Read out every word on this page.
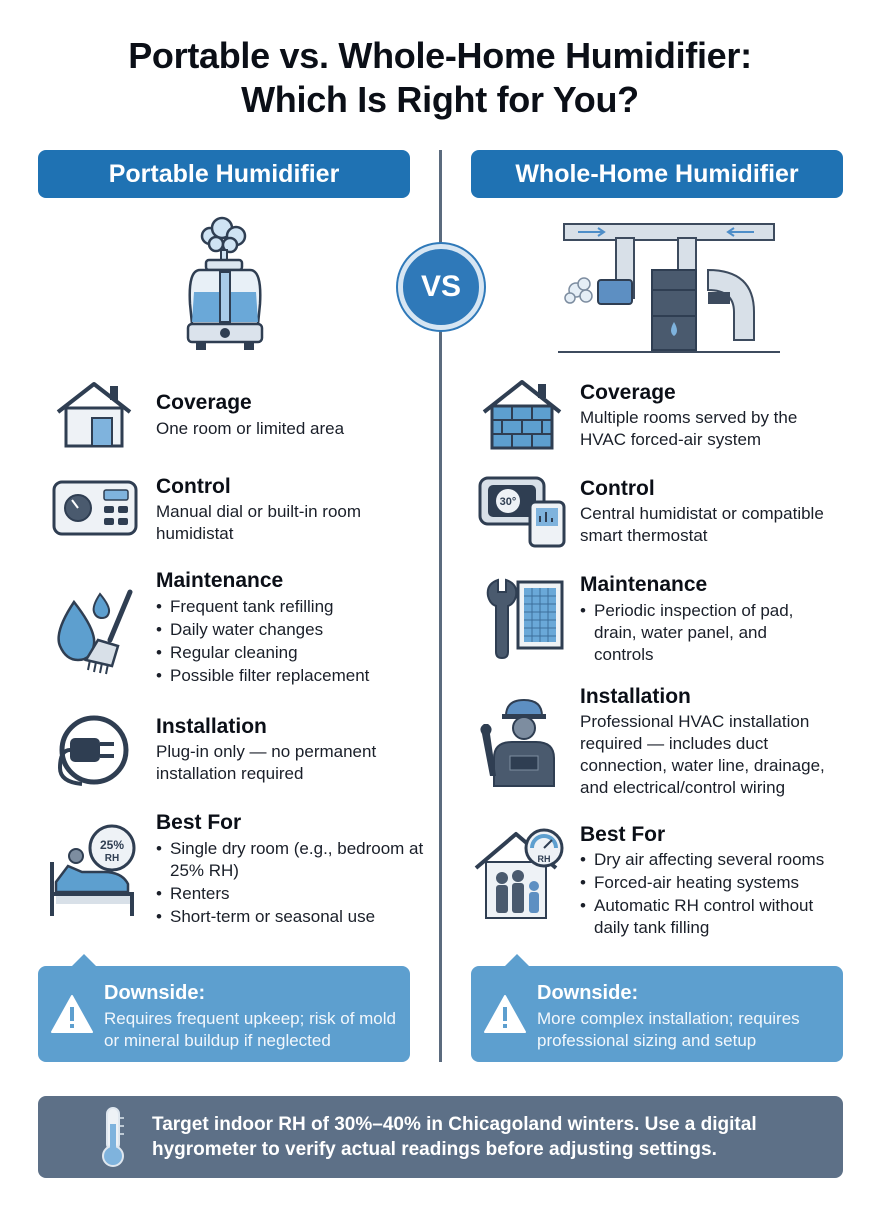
Portable vs. Whole-Home Humidifier:
Which Is Right for You?
Portable Humidifier	Whole-Home Humidifier
VS
Coverage
One room or limited area
Control
Manual dial or built-in room humidistat
Maintenance
• Frequent tank refilling
• Daily water changes
• Regular cleaning
• Possible filter replacement
Installation
Plug-in only — no permanent installation required
25%
RH
Best For
• Single dry room (e.g., bedroom at 25% RH)
• Renters
• Short-term or seasonal use
Coverage
Multiple rooms served by the HVAC forced-air system
30°
Control
Central humidistat or compatible smart thermostat
Maintenance
• Periodic inspection of pad, drain, water panel, and controls
Installation
Professional HVAC installation required — includes duct connection, water line, drainage, and electrical/control wiring
RH
Best For
• Dry air affecting several rooms
• Forced-air heating systems
• Automatic RH control without daily tank filling
Downside:
Requires frequent upkeep; risk of mold or mineral buildup if neglected
Downside:
More complex installation; requires professional sizing and setup
Target indoor RH of 30%–40% in Chicagoland winters. Use a digital hygrometer to verify actual readings before adjusting settings.
